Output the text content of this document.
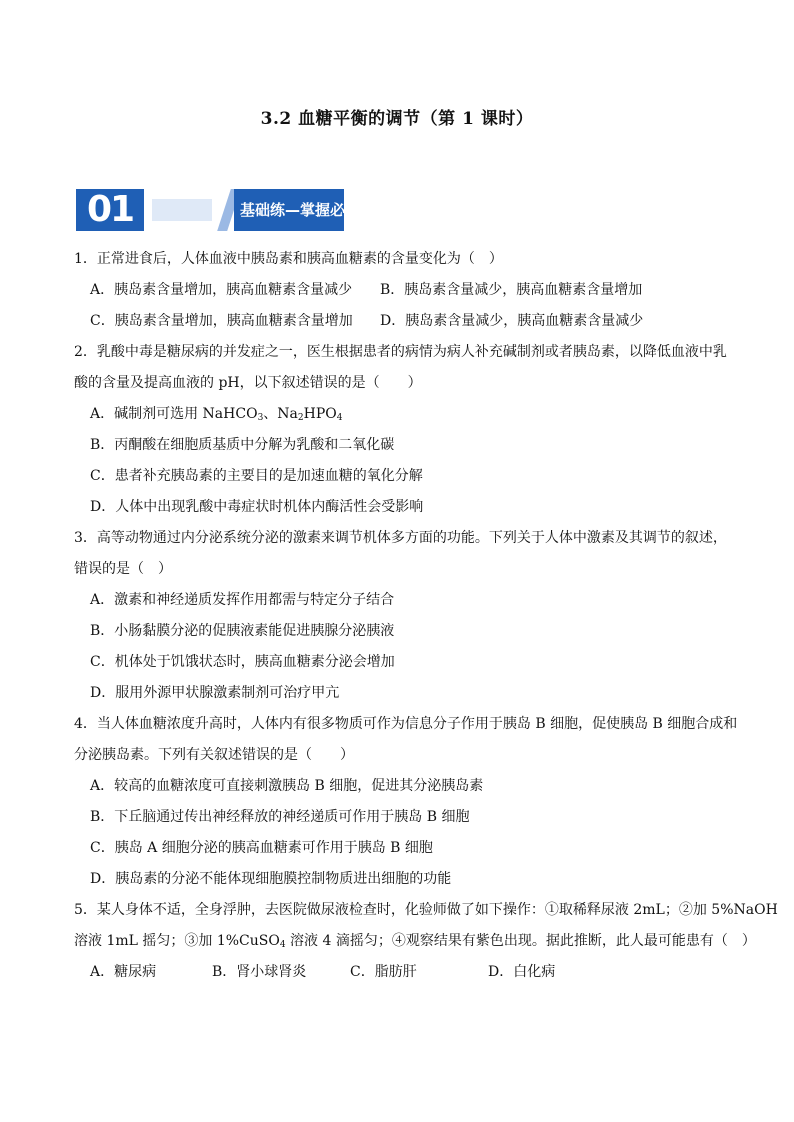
3.2 血糖平衡的调节（第 1 课时）
01	基础练—掌握必备
1．正常进食后，人体血液中胰岛素和胰高血糖素的含量变化为（　）
A．胰岛素含量增加，胰高血糖素含量减少	B．胰岛素含量减少，胰高血糖素含量增加
C．胰岛素含量增加，胰高血糖素含量增加	D．胰岛素含量减少，胰高血糖素含量减少
2．乳酸中毒是糖尿病的并发症之一，医生根据患者的病情为病人补充碱制剂或者胰岛素，以降低血液中乳
酸的含量及提高血液的 pH，以下叙述错误的是（　　）
A．碱制剂可选用 NaHCO$_3$、$Na_2HPO_4$
B．丙酮酸在细胞质基质中分解为乳酸和二氧化碳
C．患者补充胰岛素的主要目的是加速血糖的氧化分解
D．人体中出现乳酸中毒症状时机体内酶活性会受影响
3．高等动物通过内分泌系统分泌的激素来调节机体多方面的功能。下列关于人体中激素及其调节的叙述，
错误的是（　）
A．激素和神经递质发挥作用都需与特定分子结合
B．小肠黏膜分泌的促胰液素能促进胰腺分泌胰液
C．机体处于饥饿状态时，胰高血糖素分泌会增加
D．服用外源甲状腺激素制剂可治疗甲亢
4．当人体血糖浓度升高时，人体内有很多物质可作为信息分子作用于胰岛 B 细胞，促使胰岛 B 细胞合成和
分泌胰岛素。下列有关叙述错误的是（　　）
A．较高的血糖浓度可直接刺激胰岛 B 细胞，促进其分泌胰岛素
B．下丘脑通过传出神经释放的神经递质可作用于胰岛 B 细胞
C．胰岛 A 细胞分泌的胰高血糖素可作用于胰岛 B 细胞
D．胰岛素的分泌不能体现细胞膜控制物质进出细胞的功能
5．某人身体不适，全身浮肿，去医院做尿液检查时，化验师做了如下操作：①取稀释尿液 2mL；②加 5%NaOH
溶液 1mL 摇匀；③加 1%CuSO$_4$ 溶液 4 滴摇匀；④观察结果有紫色出现。据此推断，此人最可能患有（　）
A．糖尿病	B．肾小球肾炎	C．脂肪肝	D．白化病
